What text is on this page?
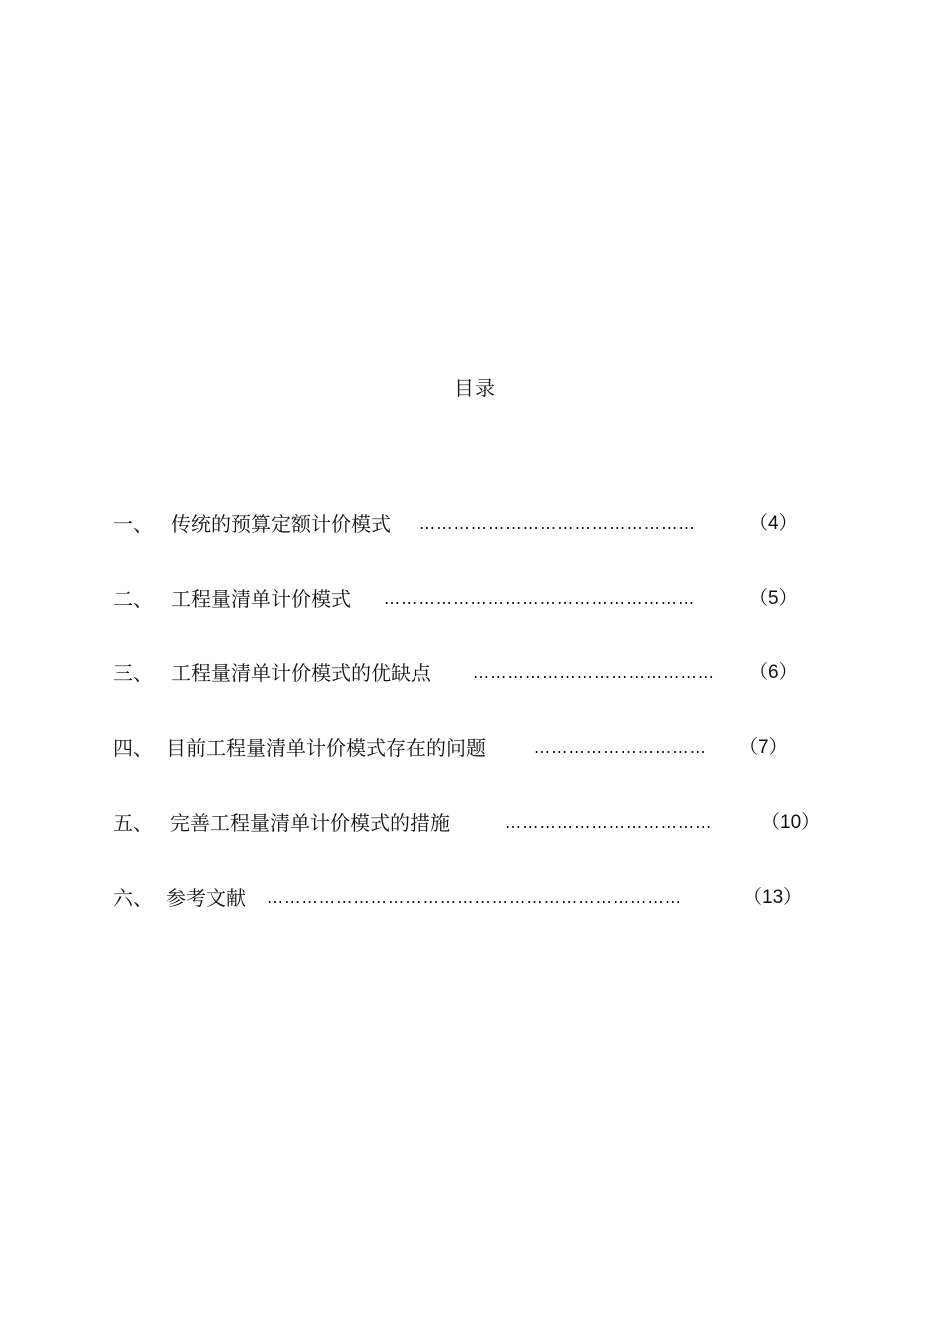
目录
一、 传统的预算定额计价模式 …………………………………………	（4）
二、 工程量清单计价模式 ………………………………………………	（5）
三、 工程量清单计价模式的优缺点	……………………………………	（6）
四、 目前工程量清单计价模式存在的问题	…………………………	（7）
五、 完善工程量清单计价模式的措施	………………………………	（10）
六、 参考文献 ………………………………………………………………	（13）
